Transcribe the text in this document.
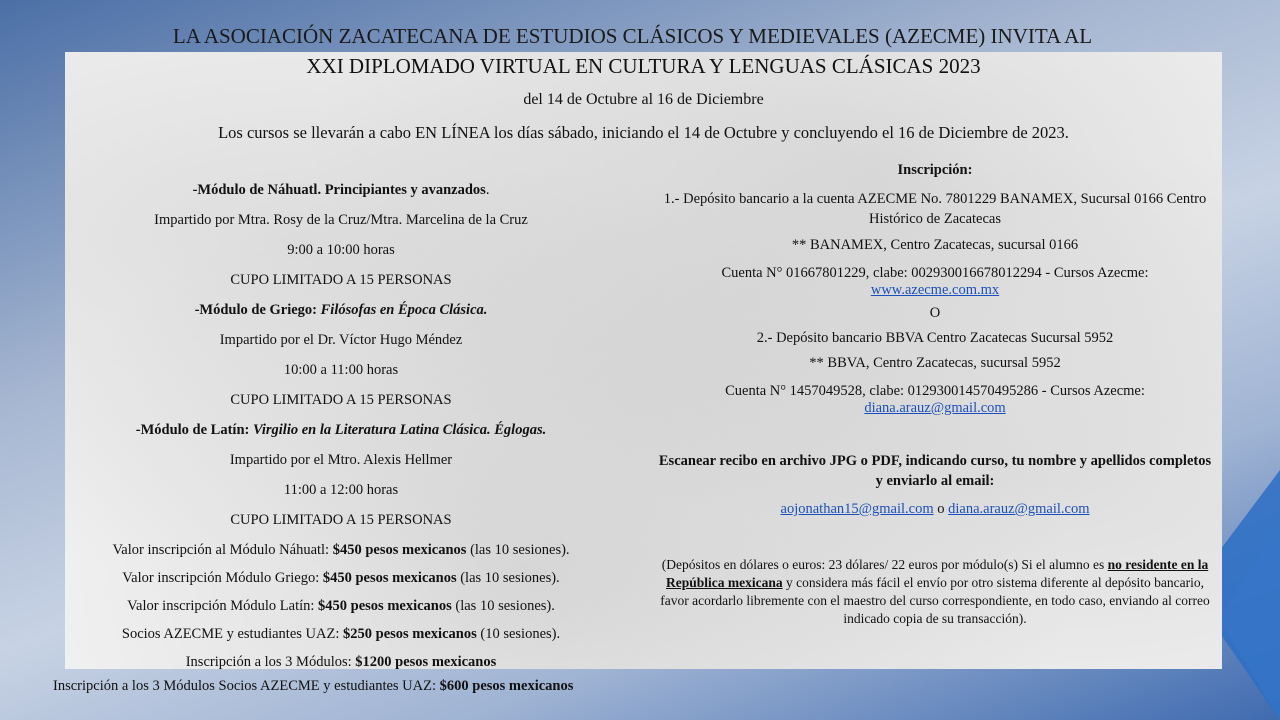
LA ASOCIACIÓN ZACATECANA DE ESTUDIOS CLÁSICOS Y MEDIEVALES (AZECME) INVITA AL
XXI DIPLOMADO VIRTUAL EN CULTURA Y LENGUAS CLÁSICAS 2023
del 14 de Octubre al 16 de Diciembre
Los cursos se llevarán a cabo EN LÍNEA los días sábado, iniciando el 14 de Octubre y concluyendo el 16 de Diciembre de 2023.
-Módulo de Náhuatl. Principiantes y avanzados.
Impartido por Mtra. Rosy de la Cruz/Mtra. Marcelina de la Cruz
9:00 a 10:00 horas
CUPO LIMITADO A 15 PERSONAS
-Módulo de Griego: Filósofas en Época Clásica.
Impartido por el Dr. Víctor Hugo Méndez
10:00 a 11:00 horas
CUPO LIMITADO A 15 PERSONAS
-Módulo de Latín: Virgilio en la Literatura Latina Clásica. Églogas.
Impartido por el Mtro. Alexis Hellmer
11:00 a 12:00 horas
CUPO LIMITADO A 15 PERSONAS
Valor inscripción al Módulo Náhuatl: $450 pesos mexicanos (las 10 sesiones).
Valor inscripción Módulo Griego: $450 pesos mexicanos (las 10 sesiones).
Valor inscripción Módulo Latín: $450 pesos mexicanos (las 10 sesiones).
Socios AZECME y estudiantes UAZ: $250 pesos mexicanos (10 sesiones).
Inscripción a los 3 Módulos: $1200 pesos mexicanos
Inscripción a los 3 Módulos Socios AZECME y estudiantes UAZ: $600 pesos mexicanos
Inscripción:
1.- Depósito bancario a la cuenta AZECME No. 7801229 BANAMEX, Sucursal 0166 Centro Histórico de Zacatecas
** BANAMEX, Centro Zacatecas, sucursal 0166
Cuenta N° 01667801229, clabe: 002930016678012294 - Cursos Azecme:
www.azecme.com.mx
O
2.- Depósito bancario BBVA Centro Zacatecas Sucursal 5952
** BBVA, Centro Zacatecas, sucursal 5952
Cuenta N° 1457049528, clabe: 012930014570495286 - Cursos Azecme:
diana.arauz@gmail.com
Escanear recibo en archivo JPG o PDF, indicando curso, tu nombre y apellidos completos y enviarlo al email:
aojonathan15@gmail.com o diana.arauz@gmail.com
(Depósitos en dólares o euros: 23 dólares/ 22 euros por módulo(s) Si el alumno es no residente en la República mexicana y considera más fácil el envío por otro sistema diferente al depósito bancario, favor acordarlo libremente con el maestro del curso correspondiente, en todo caso, enviando al correo indicado copia de su transacción).
